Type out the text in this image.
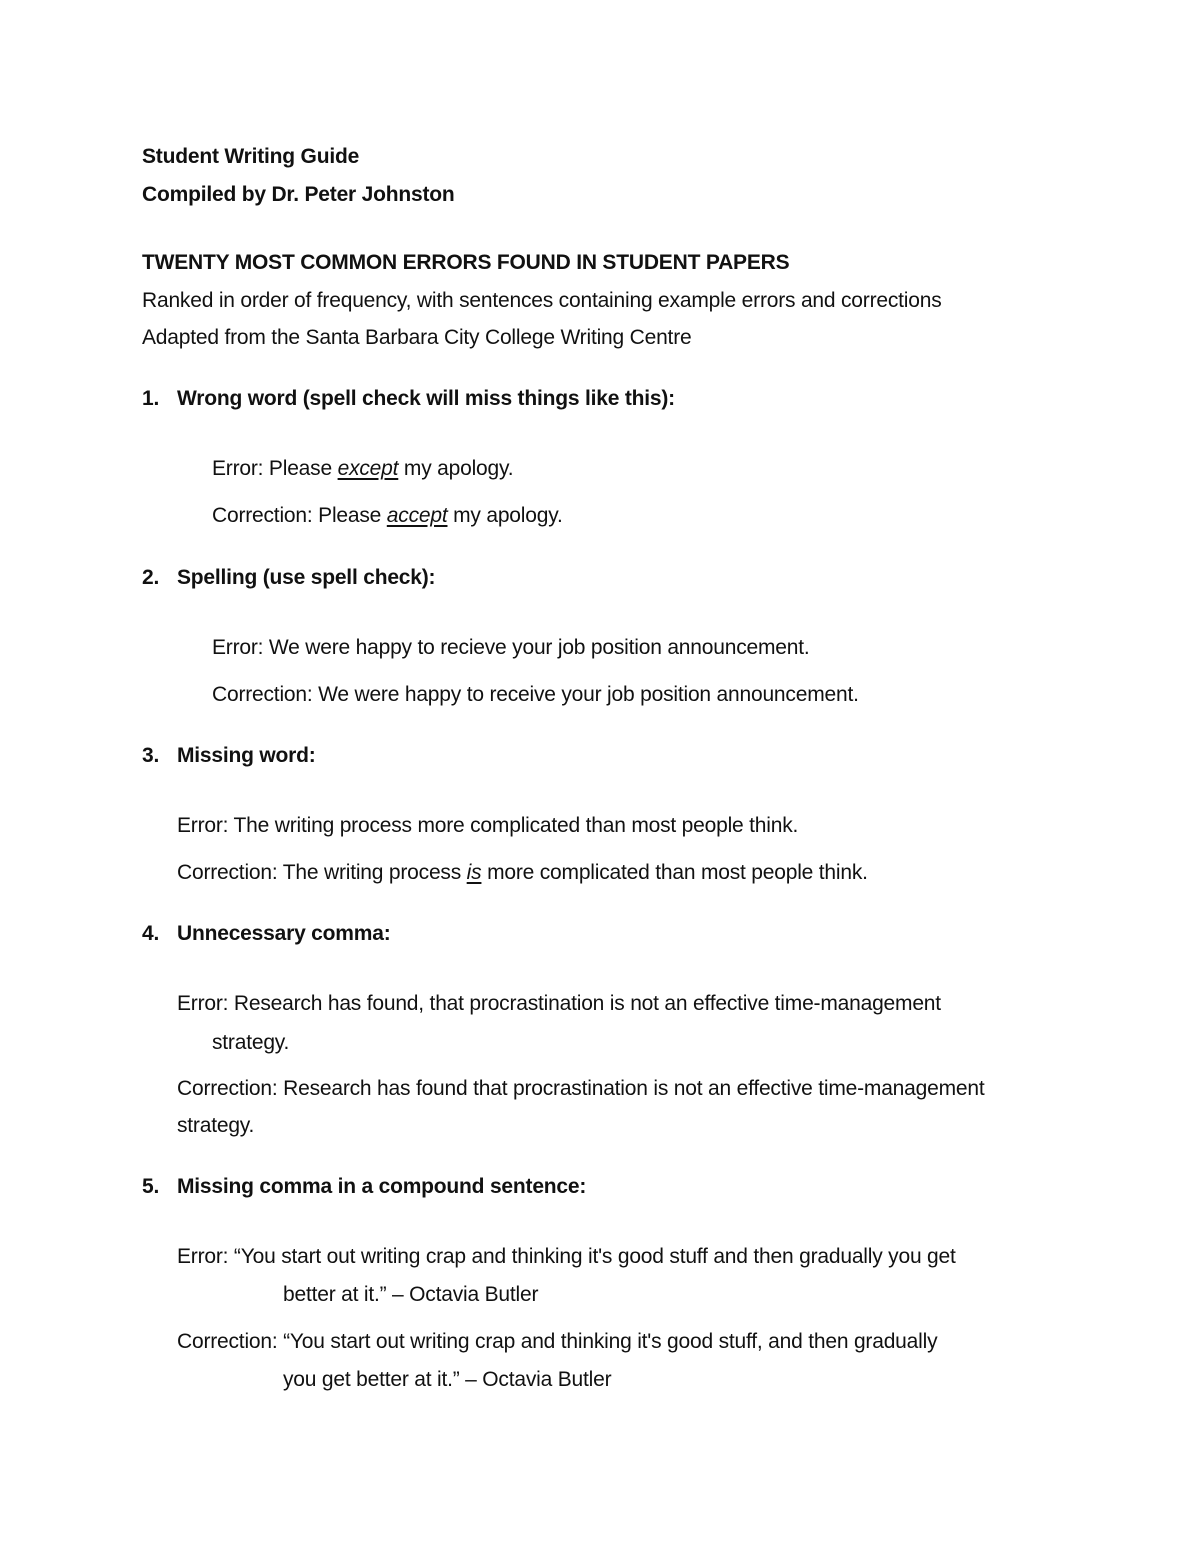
Student Writing Guide
Compiled by Dr. Peter Johnston
TWENTY MOST COMMON ERRORS FOUND IN STUDENT PAPERS
Ranked in order of frequency, with sentences containing example errors and corrections
Adapted from the Santa Barbara City College Writing Centre
1. Wrong word (spell check will miss things like this):
Error: Please except my apology.
Correction: Please accept my apology.
2. Spelling (use spell check):
Error: We were happy to recieve your job position announcement.
Correction: We were happy to receive your job position announcement.
3. Missing word:
Error: The writing process more complicated than most people think.
Correction: The writing process is more complicated than most people think.
4. Unnecessary comma:
Error: Research has found, that procrastination is not an effective time-management
strategy.
Correction: Research has found that procrastination is not an effective time-management
strategy.
5. Missing comma in a compound sentence:
Error: “You start out writing crap and thinking it's good stuff and then gradually you get
better at it.” – Octavia Butler
Correction: “You start out writing crap and thinking it's good stuff, and then gradually
you get better at it.” – Octavia Butler
